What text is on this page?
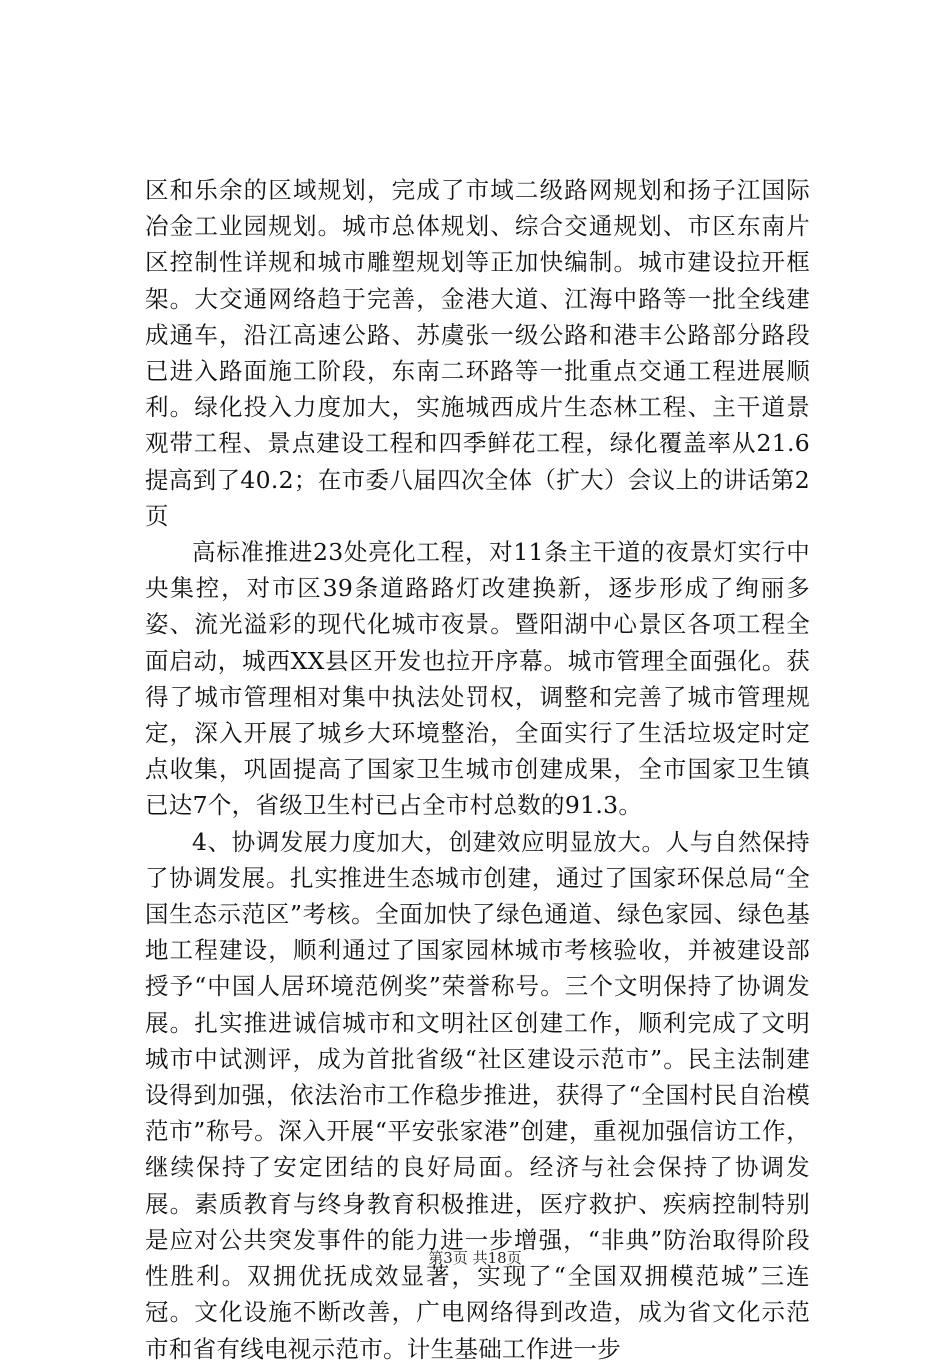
区和乐余的区域规划，完成了市域二级路网规划和扬子江国际冶金工业园规划。城市总体规划、综合交通规划、市区东南片区控制性详规和城市雕塑规划等正加快编制。城市建设拉开框架。大交通网络趋于完善，金港大道、江海中路等一批全线建成通车，沿江高速公路、苏虞张一级公路和港丰公路部分路段已进入路面施工阶段，东南二环路等一批重点交通工程进展顺利。绿化投入力度加大，实施城西成片生态林工程、主干道景观带工程、景点建设工程和四季鲜花工程，绿化覆盖率从21.6提高到了40.2；在市委八届四次全体（扩大）会议上的讲话第2页

高标准推进23处亮化工程，对11条主干道的夜景灯实行中央集控，对市区39条道路路灯改建换新，逐步形成了绚丽多姿、流光溢彩的现代化城市夜景。暨阳湖中心景区各项工程全面启动，城西XX县区开发也拉开序幕。城市管理全面强化。获得了城市管理相对集中执法处罚权，调整和完善了城市管理规定，深入开展了城乡大环境整治，全面实行了生活垃圾定时定点收集，巩固提高了国家卫生城市创建成果，全市国家卫生镇已达7个，省级卫生村已占全市村总数的91.3。

4、协调发展力度加大，创建效应明显放大。人与自然保持了协调发展。扎实推进生态城市创建，通过了国家环保总局“全国生态示范区”考核。全面加快了绿色通道、绿色家园、绿色基地工程建设，顺利通过了国家园林城市考核验收，并被建设部授予“中国人居环境范例奖”荣誉称号。三个文明保持了协调发展。扎实推进诚信城市和文明社区创建工作，顺利完成了文明城市中试测评，成为首批省级“社区建设示范市”。民主法制建设得到加强，依法治市工作稳步推进，获得了“全国村民自治模范市”称号。深入开展“平安张家港”创建，重视加强信访工作，继续保持了安定团结的良好局面。经济与社会保持了协调发展。素质教育与终身教育积极推进，医疗救护、疾病控制特别是应对公共突发事件的能力进一步增强，“非典”防治取得阶段性胜利。双拥优抚成效显著，实现了“全国双拥模范城”三连冠。文化设施不断改善，广电网络得到改造，成为省文化示范市和省有线电视示范市。计生基础工作进一步

第3页 共18页
